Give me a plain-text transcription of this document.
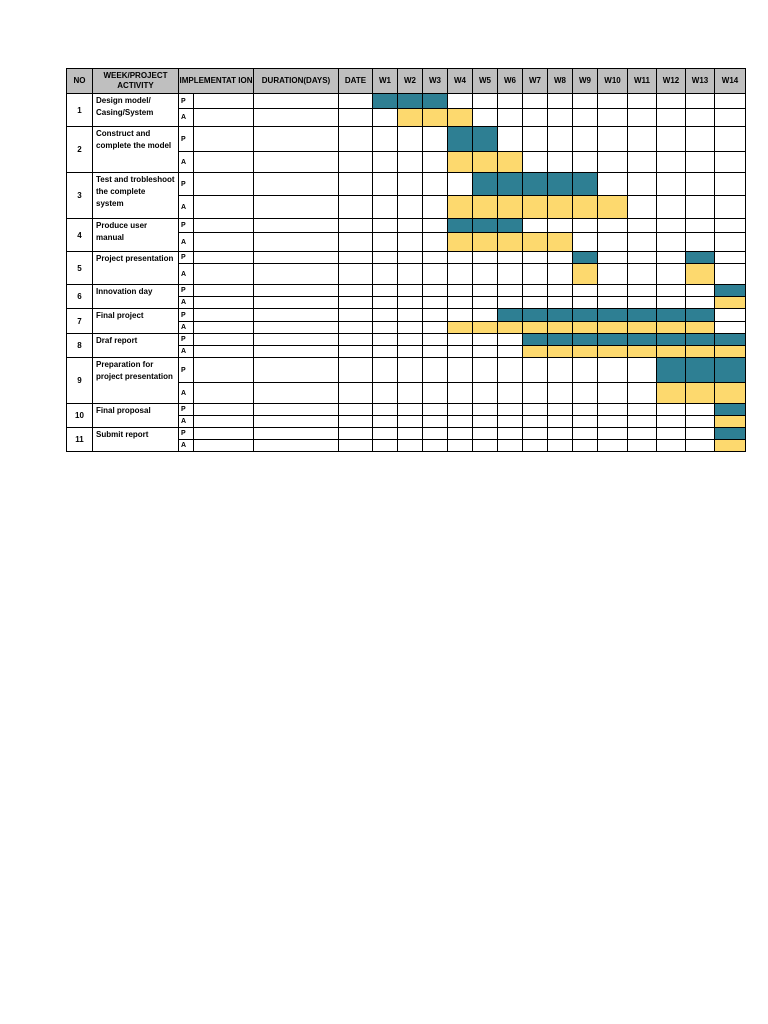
NO	WEEK/PROJECT ACTIVITY	IMPLEMENTAT ION		DURATION(DAYS)	DATE	W1	W2	W3	W4	W5	W6	W7	W8	W9	W10	W11	W12	W13	W14
1	Design model/ Casing/System	P																	
		A																	
2	Construct and complete the model	P																	
		A																	
3	Test and trobleshoot the complete system	P																	
		A																	
4	Produce user manual	P																	
		A																	
5	Project presentation	P																	
		A																	
6	Innovation day	P																	
		A																	
7	Final project	P																	
		A																	
8	Draf report	P																	
		A																	
9	Preparation for project presentation	P																	
		A																	
10	Final proposal	P																	
		A																	
11	Submit report	P																	
		A																	
